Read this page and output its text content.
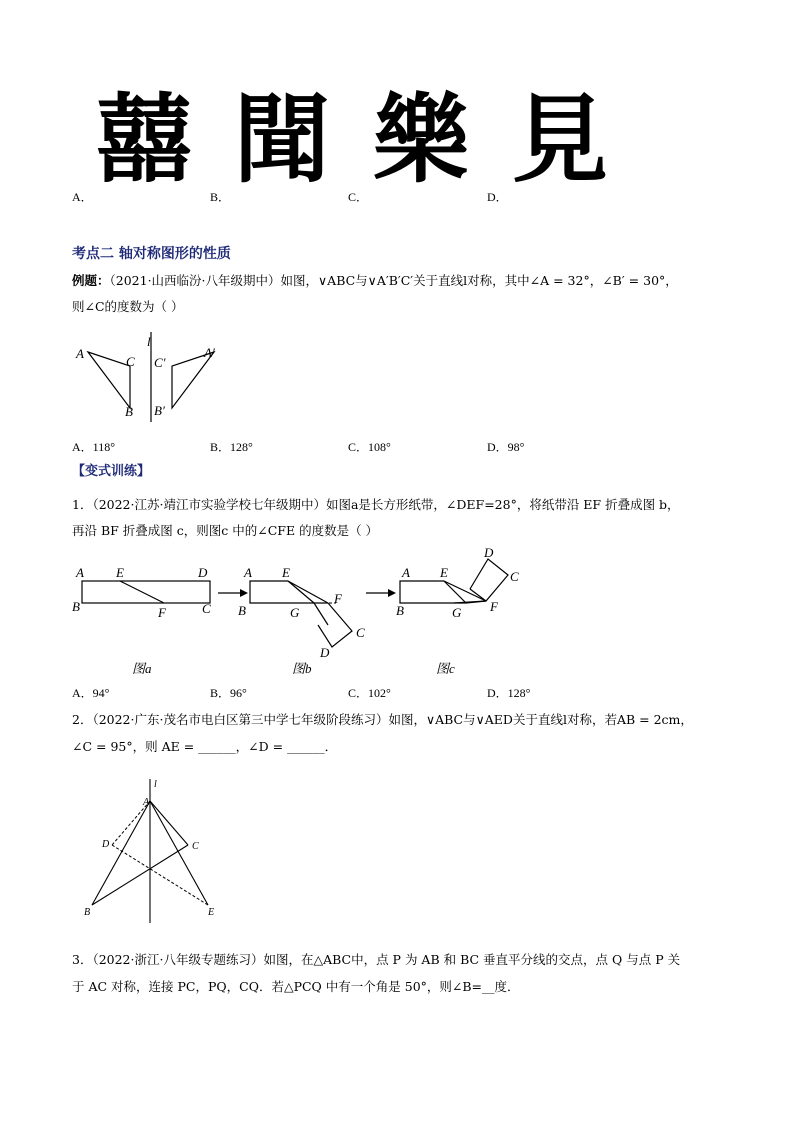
A．
囍
B．
聞
C．
樂
D．
見
考点二 轴对称图形的性质
例题：（2021·山西临汾·八年级期中）如图，∨ABC与∨A′B′C′关于直线l对称，其中∠A = 32°，∠B′ = 30°，
则∠C的度数为（ ）
A
C
B
l
C′
A′
B′
A．118°	B．128°	C．108°	D．98°
【变式训练】
1．（2022·江苏·靖江市实验学校七年级期中）如图a是长方形纸带，∠DEF=28°，将纸带沿 EF 折叠成图 b，
再沿 BF 折叠成图 c，则图c 中的∠CFE 的度数是（ ）
A E	D
B	F	C
图a
A E
B	G
F
C
D
图b
D
C
A E
B	G F
图c
A．94°	B．96°	C．102°	D．128°
2．（2022·广东·茂名市电白区第三中学七年级阶段练习）如图，∨ABC与∨AED关于直线l对称，若AB = 2cm，
∠C = 95°，则 AE = ______，∠D = ______．
l
A
D	C
B	E
3．（2022·浙江·八年级专题练习）如图，在△ABC中，点 P 为 AB 和 BC 垂直平分线的交点，点 Q 与点 P 关
于 AC 对称，连接 PC，PQ，CQ．若△PCQ 中有一个角是 50°，则∠B=__度．
